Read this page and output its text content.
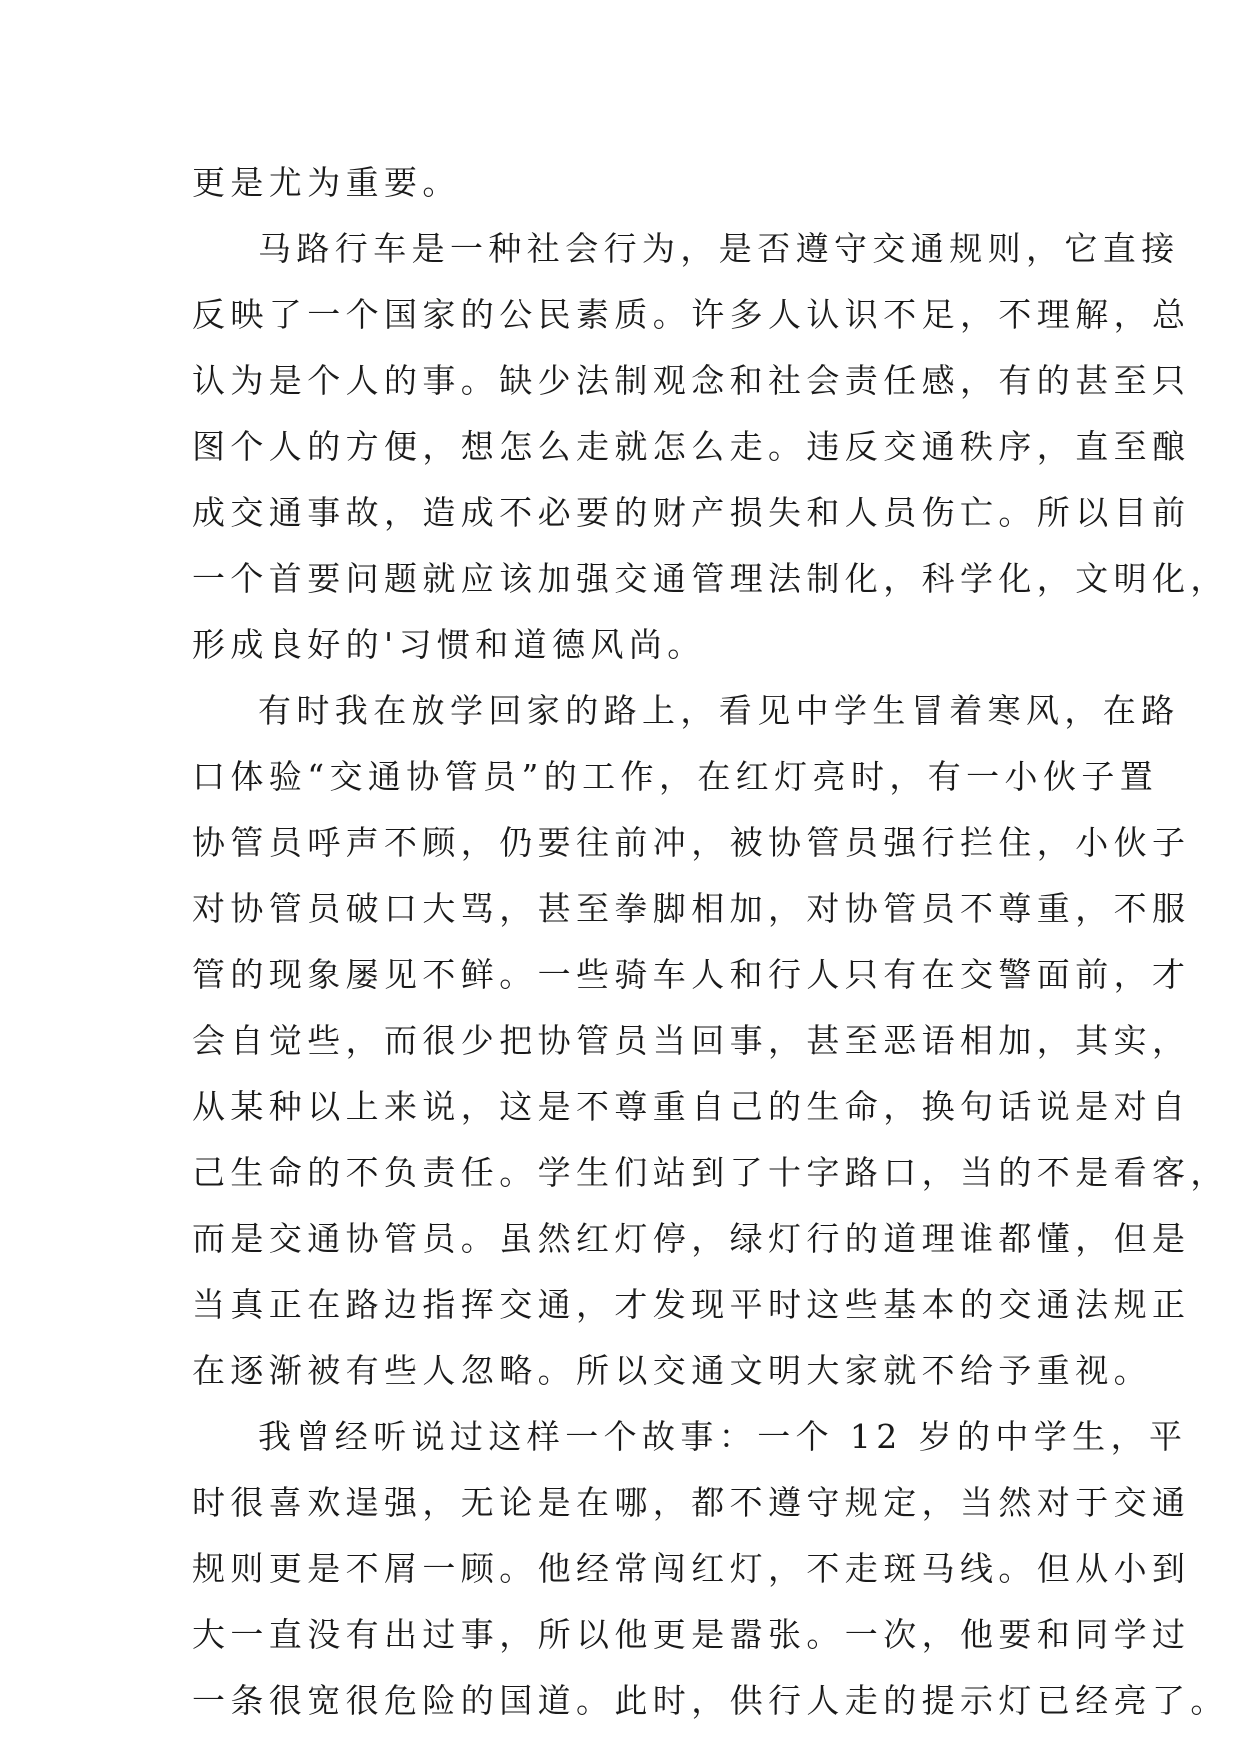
更是尤为重要。
马路行车是一种社会行为，是否遵守交通规则，它直接
反映了一个国家的公民素质。许多人认识不足，不理解，总
认为是个人的事。缺少法制观念和社会责任感，有的甚至只
图个人的方便，想怎么走就怎么走。违反交通秩序，直至酿
成交通事故，造成不必要的财产损失和人员伤亡。所以目前
一个首要问题就应该加强交通管理法制化，科学化，文明化，
形成良好的'习惯和道德风尚。
有时我在放学回家的路上，看见中学生冒着寒风，在路
口体验“交通协管员”的工作，在红灯亮时，有一小伙子置
协管员呼声不顾，仍要往前冲，被协管员强行拦住，小伙子
对协管员破口大骂，甚至拳脚相加，对协管员不尊重，不服
管的现象屡见不鲜。一些骑车人和行人只有在交警面前，才
会自觉些，而很少把协管员当回事，甚至恶语相加，其实，
从某种以上来说，这是不尊重自己的生命，换句话说是对自
己生命的不负责任。学生们站到了十字路口，当的不是看客，
而是交通协管员。虽然红灯停，绿灯行的道理谁都懂，但是
当真正在路边指挥交通，才发现平时这些基本的交通法规正
在逐渐被有些人忽略。所以交通文明大家就不给予重视。
我曾经听说过这样一个故事：一个 12 岁的中学生，平
时很喜欢逞强，无论是在哪，都不遵守规定，当然对于交通
规则更是不屑一顾。他经常闯红灯，不走斑马线。但从小到
大一直没有出过事，所以他更是嚣张。一次，他要和同学过
一条很宽很危险的国道。此时，供行人走的提示灯已经亮了。
